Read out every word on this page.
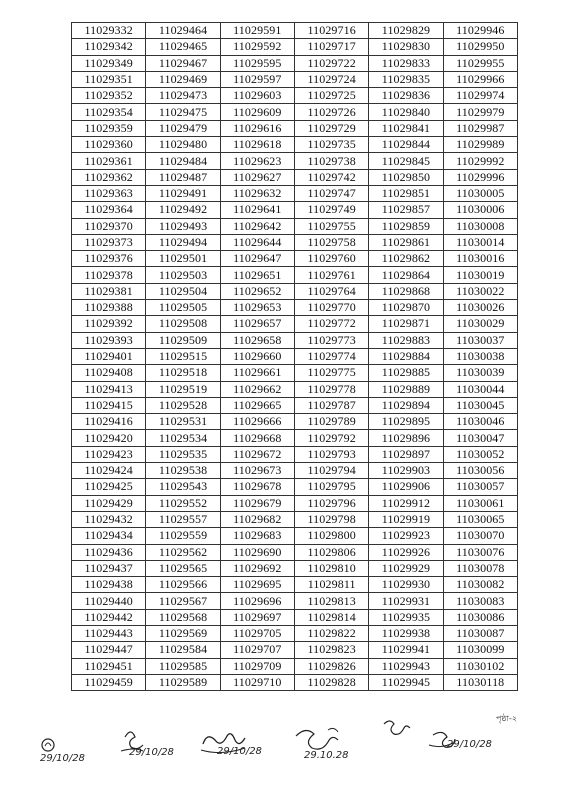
11029332	11029464	11029591	11029716	11029829	11029946
11029342	11029465	11029592	11029717	11029830	11029950
11029349	11029467	11029595	11029722	11029833	11029955
11029351	11029469	11029597	11029724	11029835	11029966
11029352	11029473	11029603	11029725	11029836	11029974
11029354	11029475	11029609	11029726	11029840	11029979
11029359	11029479	11029616	11029729	11029841	11029987
11029360	11029480	11029618	11029735	11029844	11029989
11029361	11029484	11029623	11029738	11029845	11029992
11029362	11029487	11029627	11029742	11029850	11029996
11029363	11029491	11029632	11029747	11029851	11030005
11029364	11029492	11029641	11029749	11029857	11030006
11029370	11029493	11029642	11029755	11029859	11030008
11029373	11029494	11029644	11029758	11029861	11030014
11029376	11029501	11029647	11029760	11029862	11030016
11029378	11029503	11029651	11029761	11029864	11030019
11029381	11029504	11029652	11029764	11029868	11030022
11029388	11029505	11029653	11029770	11029870	11030026
11029392	11029508	11029657	11029772	11029871	11030029
11029393	11029509	11029658	11029773	11029883	11030037
11029401	11029515	11029660	11029774	11029884	11030038
11029408	11029518	11029661	11029775	11029885	11030039
11029413	11029519	11029662	11029778	11029889	11030044
11029415	11029528	11029665	11029787	11029894	11030045
11029416	11029531	11029666	11029789	11029895	11030046
11029420	11029534	11029668	11029792	11029896	11030047
11029423	11029535	11029672	11029793	11029897	11030052
11029424	11029538	11029673	11029794	11029903	11030056
11029425	11029543	11029678	11029795	11029906	11030057
11029429	11029552	11029679	11029796	11029912	11030061
11029432	11029557	11029682	11029798	11029919	11030065
11029434	11029559	11029683	11029800	11029923	11030070
11029436	11029562	11029690	11029806	11029926	11030076
11029437	11029565	11029692	11029810	11029929	11030078
11029438	11029566	11029695	11029811	11029930	11030082
11029440	11029567	11029696	11029813	11029931	11030083
11029442	11029568	11029697	11029814	11029935	11030086
11029443	11029569	11029705	11029822	11029938	11030087
11029447	11029584	11029707	11029823	11029941	11030099
11029451	11029585	11029709	11029826	11029943	11030102
11029459	11029589	11029710	11029828	11029945	11030118
পৃষ্ঠা-২
29/10/28
29/10/28	29/10/28	29.10.28
29/10/28
